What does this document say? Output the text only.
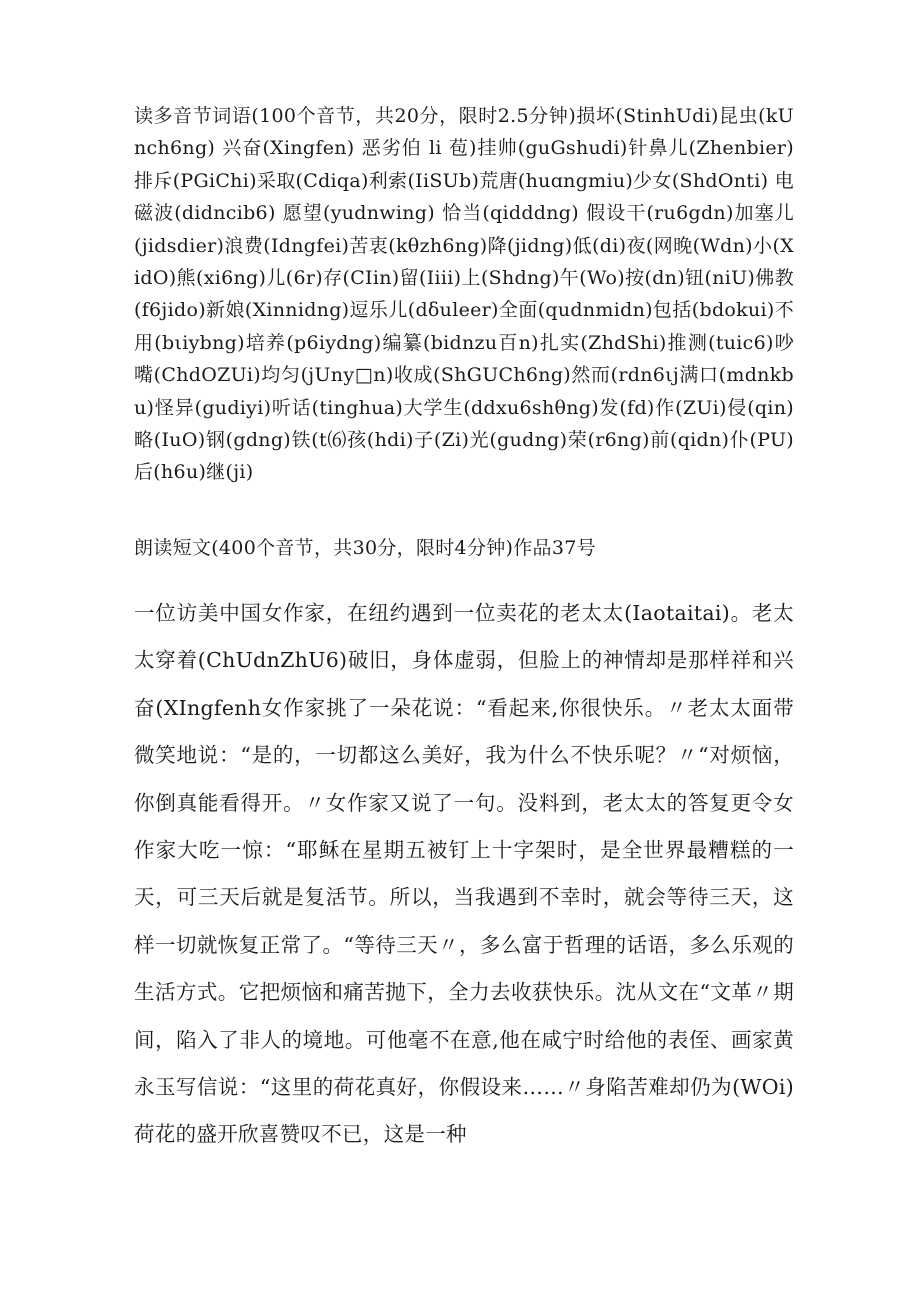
读多音节词语(100个音节，共20分，限时2.5分钟)损坏(StinhUdi)昆虫(kUnch6ng) 兴奋(Xingfen) 恶劣伯 li 苞)挂帅(guGshudi)针鼻儿(Zhenbier)排斥(PGiChi)采取(Cdiqa)利索(IiSUb)荒唐(huɑngmiu)少女(ShdOnti) 电磁波(didncib6) 愿望(yudnwing) 恰当(qidddng) 假设干(ru6gdn)加塞儿(jidsdier)浪费(Idngfei)苦衷(kθzh6ng)降(jidng)低(di)夜(网晚(Wdn)小(XidO)熊(xi6ng)儿(6r)存(CIin)留(Iiii)上(Shdng)午(Wo)按(dn)钮(niU)佛教(f6jido)新娘(Xinnidng)逗乐儿(dδuleer)全面(qudnmidn)包括(bdokui)不用(bιiybng)培养(p6iydng)编纂(bidnzu百n)扎实(ZhdShi)推测(tuic6)吵嘴(ChdOZUi)均匀(jUny□n)收成(ShGUCh6ng)然而(rdn6ιj满口(mdnkbu)怪异(gudiyi)听话(tinghua)大学生(ddxu6shθng)发(fd)作(ZUi)侵(qin)略(IuO)钢(gdng)铁(t⑹孩(hdi)子(Zi)光(gudng)荣(r6ng)前(qidn)仆(PU)后(h6u)继(ji)

朗读短文(400个音节，共30分，限时4分钟)作品37号

一位访美中国女作家，在纽约遇到一位卖花的老太太(Iaotaitai)。老太太穿着(ChUdnZhU6)破旧，身体虚弱，但脸上的神情却是那样祥和兴奋(XIngfenh女作家挑了一朵花说：“看起来,你很快乐。〃老太太面带微笑地说：“是的，一切都这么美好，我为什么不快乐呢？〃“对烦恼，你倒真能看得开。〃女作家又说了一句。没料到，老太太的答复更令女作家大吃一惊：“耶稣在星期五被钉上十字架时，是全世界最糟糕的一天，可三天后就是复活节。所以，当我遇到不幸时，就会等待三天，这样一切就恢复正常了。“等待三天〃，多么富于哲理的话语，多么乐观的生活方式。它把烦恼和痛苦抛下，全力去收获快乐。沈从文在“文革〃期间，陷入了非人的境地。可他毫不在意,他在咸宁时给他的表侄、画家黄永玉写信说：“这里的荷花真好，你假设来……〃身陷苦难却仍为(WOi)荷花的盛开欣喜赞叹不已，这是一种
